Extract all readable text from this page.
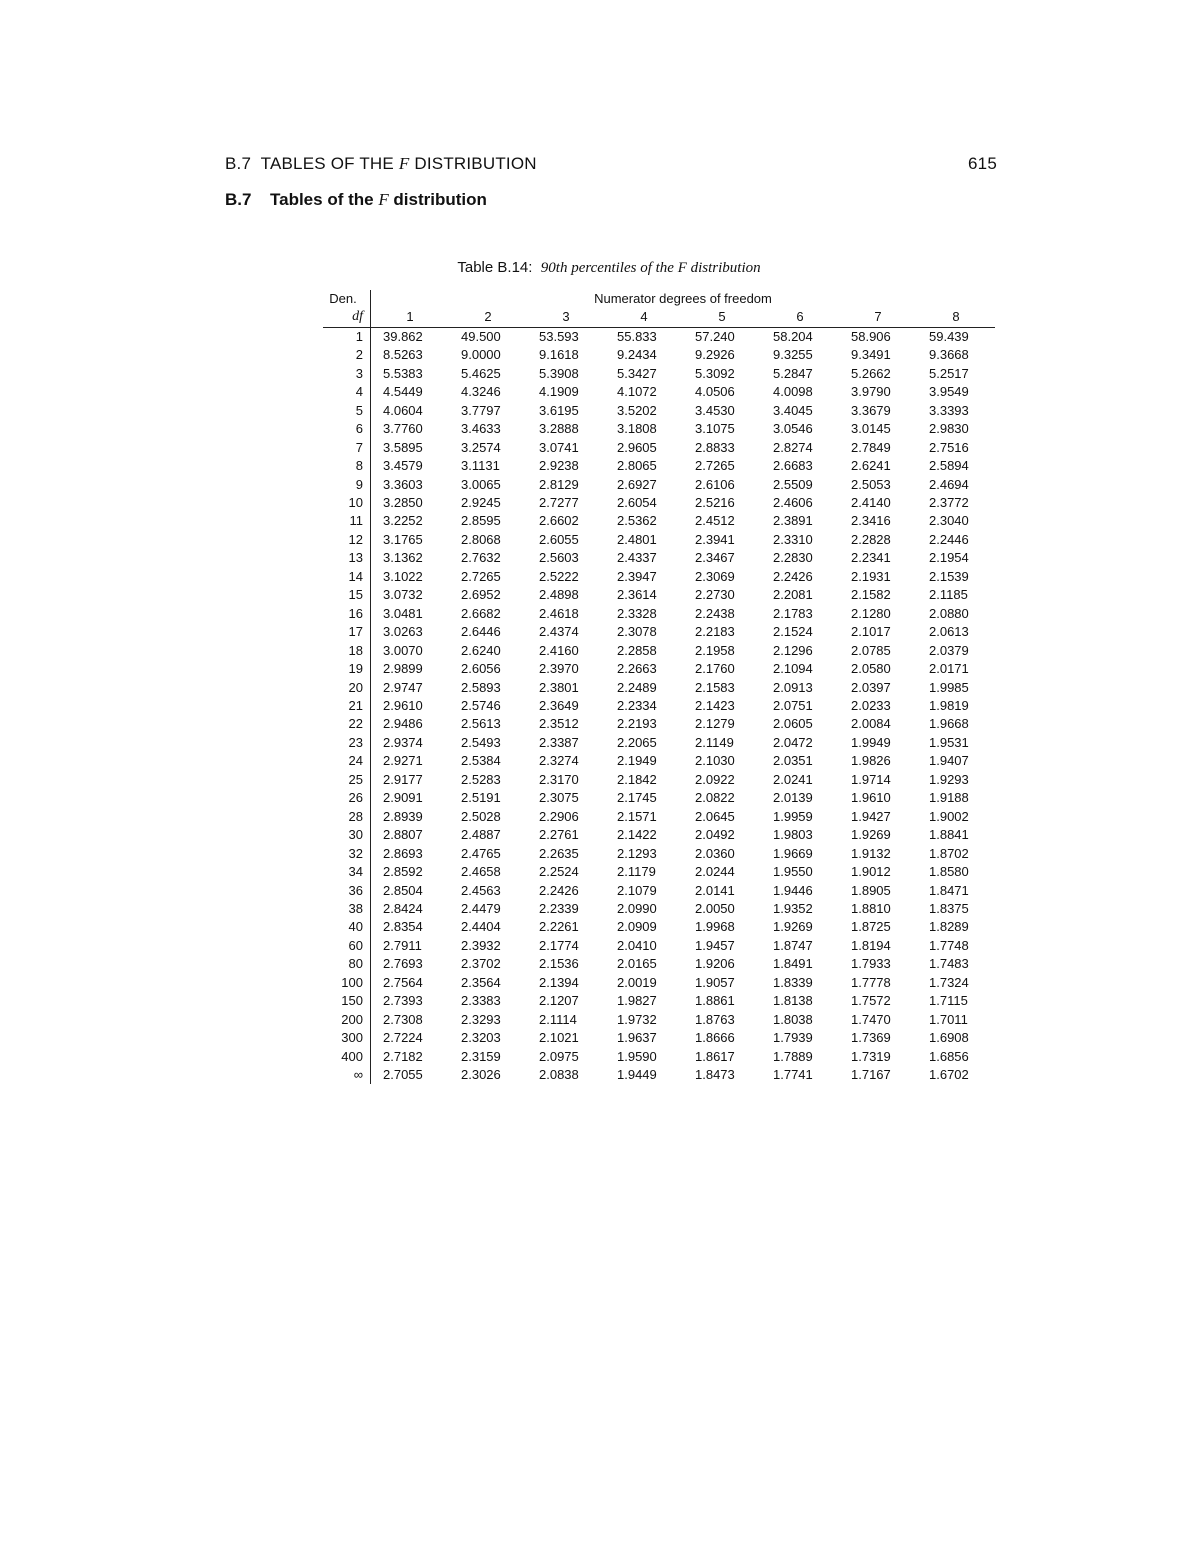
B.7  TABLES OF THE F DISTRIBUTION	615
B.7 Tables of the F distribution
Table B.14: 90th percentiles of the F distribution
Den.	Numerator degrees of freedom							
df	1	2	3	4	5	6	7	8
1	39.862	49.500	53.593	55.833	57.240	58.204	58.906	59.439
2	8.5263	9.0000	9.1618	9.2434	9.2926	9.3255	9.3491	9.3668
3	5.5383	5.4625	5.3908	5.3427	5.3092	5.2847	5.2662	5.2517
4	4.5449	4.3246	4.1909	4.1072	4.0506	4.0098	3.9790	3.9549
5	4.0604	3.7797	3.6195	3.5202	3.4530	3.4045	3.3679	3.3393
6	3.7760	3.4633	3.2888	3.1808	3.1075	3.0546	3.0145	2.9830
7	3.5895	3.2574	3.0741	2.9605	2.8833	2.8274	2.7849	2.7516
8	3.4579	3.1131	2.9238	2.8065	2.7265	2.6683	2.6241	2.5894
9	3.3603	3.0065	2.8129	2.6927	2.6106	2.5509	2.5053	2.4694
10	3.2850	2.9245	2.7277	2.6054	2.5216	2.4606	2.4140	2.3772
11	3.2252	2.8595	2.6602	2.5362	2.4512	2.3891	2.3416	2.3040
12	3.1765	2.8068	2.6055	2.4801	2.3941	2.3310	2.2828	2.2446
13	3.1362	2.7632	2.5603	2.4337	2.3467	2.2830	2.2341	2.1954
14	3.1022	2.7265	2.5222	2.3947	2.3069	2.2426	2.1931	2.1539
15	3.0732	2.6952	2.4898	2.3614	2.2730	2.2081	2.1582	2.1185
16	3.0481	2.6682	2.4618	2.3328	2.2438	2.1783	2.1280	2.0880
17	3.0263	2.6446	2.4374	2.3078	2.2183	2.1524	2.1017	2.0613
18	3.0070	2.6240	2.4160	2.2858	2.1958	2.1296	2.0785	2.0379
19	2.9899	2.6056	2.3970	2.2663	2.1760	2.1094	2.0580	2.0171
20	2.9747	2.5893	2.3801	2.2489	2.1583	2.0913	2.0397	1.9985
21	2.9610	2.5746	2.3649	2.2334	2.1423	2.0751	2.0233	1.9819
22	2.9486	2.5613	2.3512	2.2193	2.1279	2.0605	2.0084	1.9668
23	2.9374	2.5493	2.3387	2.2065	2.1149	2.0472	1.9949	1.9531
24	2.9271	2.5384	2.3274	2.1949	2.1030	2.0351	1.9826	1.9407
25	2.9177	2.5283	2.3170	2.1842	2.0922	2.0241	1.9714	1.9293
26	2.9091	2.5191	2.3075	2.1745	2.0822	2.0139	1.9610	1.9188
28	2.8939	2.5028	2.2906	2.1571	2.0645	1.9959	1.9427	1.9002
30	2.8807	2.4887	2.2761	2.1422	2.0492	1.9803	1.9269	1.8841
32	2.8693	2.4765	2.2635	2.1293	2.0360	1.9669	1.9132	1.8702
34	2.8592	2.4658	2.2524	2.1179	2.0244	1.9550	1.9012	1.8580
36	2.8504	2.4563	2.2426	2.1079	2.0141	1.9446	1.8905	1.8471
38	2.8424	2.4479	2.2339	2.0990	2.0050	1.9352	1.8810	1.8375
40	2.8354	2.4404	2.2261	2.0909	1.9968	1.9269	1.8725	1.8289
60	2.7911	2.3932	2.1774	2.0410	1.9457	1.8747	1.8194	1.7748
80	2.7693	2.3702	2.1536	2.0165	1.9206	1.8491	1.7933	1.7483
100	2.7564	2.3564	2.1394	2.0019	1.9057	1.8339	1.7778	1.7324
150	2.7393	2.3383	2.1207	1.9827	1.8861	1.8138	1.7572	1.7115
200	2.7308	2.3293	2.1114	1.9732	1.8763	1.8038	1.7470	1.7011
300	2.7224	2.3203	2.1021	1.9637	1.8666	1.7939	1.7369	1.6908
400	2.7182	2.3159	2.0975	1.9590	1.8617	1.7889	1.7319	1.6856
∞	2.7055	2.3026	2.0838	1.9449	1.8473	1.7741	1.7167	1.6702
